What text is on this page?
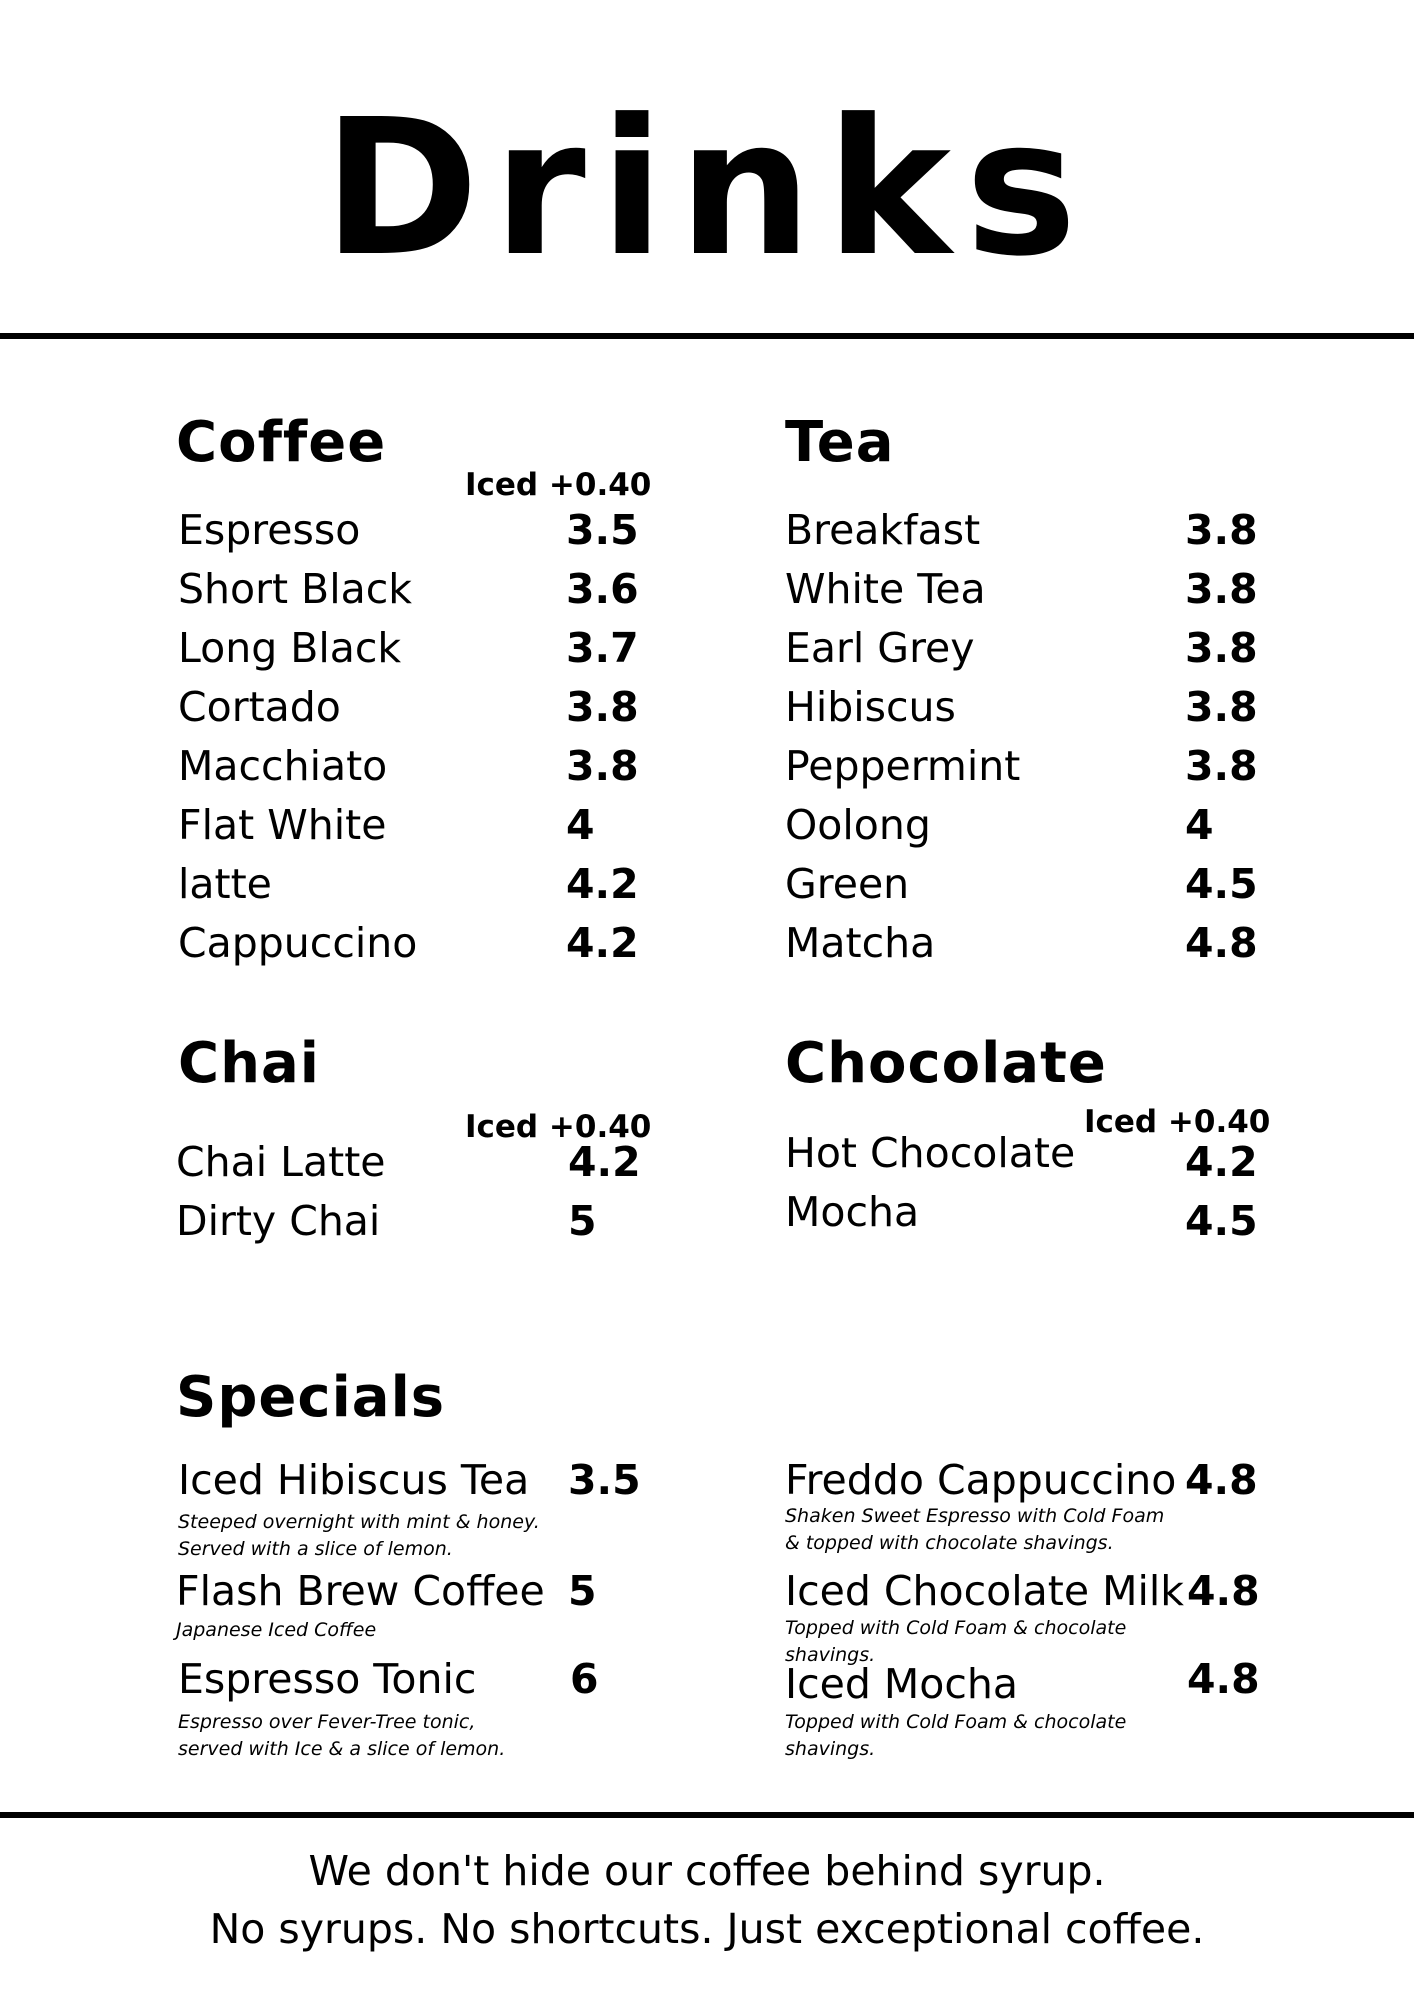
Drinks
Coffee
Iced +0.40
Espresso	3.5
Short Black	3.6
Long Black	3.7
Cortado	3.8
Macchiato	3.8
Flat White	4
latte	4.2
Cappuccino	4.2
Tea
Breakfast	3.8
White Tea	3.8
Earl Grey	3.8
Hibiscus	3.8
Peppermint	3.8
Oolong	4
Green	4.5
Matcha	4.8
Chai
Iced +0.40
Chai Latte	4.2
Dirty Chai	5
Chocolate
Iced +0.40
Hot Chocolate	4.2
Mocha	4.5
Specials
Iced Hibiscus Tea 3.5
Steeped overnight with mint & honey.
Served with a slice of lemon.
Flash Brew Coffee 5
Japanese Iced Coffee
Espresso Tonic 6
Espresso over Fever-Tree tonic,
served with Ice & a slice of lemon.
Freddo Cappuccino 4.8
Shaken Sweet Espresso with Cold Foam
& topped with chocolate shavings.
Iced Chocolate Milk 4.8
Topped with Cold Foam & chocolate
shavings.
Iced Mocha	4.8
Topped with Cold Foam & chocolate
shavings.
We don't hide our coffee behind syrup.
No syrups. No shortcuts. Just exceptional coffee.
